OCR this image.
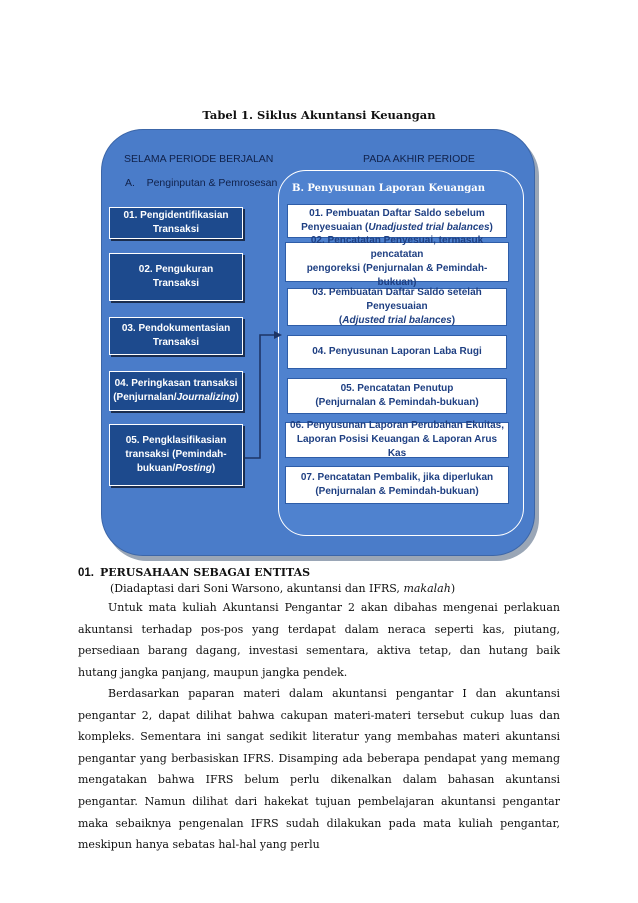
Tabel 1. Siklus Akuntansi Keuangan
SELAMA PERIODE BERJALAN	PADA AKHIR PERIODE
A.    Penginputan & Pemrosesan B. Penyusunan Laporan Keuangan
01. Pengidentifikasian
Transaksi
02. Pengukuran
Transaksi
03. Pendokumentasian
Transaksi
04. Peringkasan transaksi
(Penjurnalan/Journalizing)
05. Pengklasifikasian
transaksi (Pemindah-
bukuan/Posting)
01. Pembuatan Daftar Saldo sebelum
Penyesuaian (Unadjusted trial balances)
02. Pencatatan Penyesuai, termasuk pencatatan
pengoreksi (Penjurnalan & Pemindah-bukuan)
03. Pembuatan Daftar Saldo setelah Penyesuaian
(Adjusted trial balances)
04. Penyusunan Laporan Laba Rugi
05. Pencatatan Penutup
(Penjurnalan & Pemindah-bukuan)
06. Penyusunan Laporan Perubahan Ekuitas,
Laporan Posisi Keuangan & Laporan Arus Kas
07. Pencatatan Pembalik, jika diperlukan
(Penjurnalan & Pemindah-bukuan)
01. PERUSAHAAN SEBAGAI ENTITAS
(Diadaptasi dari Soni Warsono, akuntansi dan IFRS, makalah)

Untuk mata kuliah Akuntansi Pengantar 2 akan dibahas mengenai perlakuan akuntansi terhadap pos-pos yang terdapat dalam neraca seperti kas, piutang, persediaan barang dagang, investasi sementara, aktiva tetap, dan hutang baik hutang jangka panjang, maupun jangka pendek.

Berdasarkan paparan materi dalam akuntansi pengantar I dan akuntansi pengantar 2, dapat dilihat bahwa cakupan materi-materi tersebut cukup luas dan kompleks. Sementara ini sangat sedikit literatur yang membahas materi akuntansi pengantar yang berbasiskan IFRS. Disamping ada beberapa pendapat yang memang mengatakan bahwa IFRS belum perlu dikenalkan dalam bahasan akuntansi pengantar. Namun dilihat dari hakekat tujuan pembelajaran akuntansi pengantar maka sebaiknya pengenalan IFRS sudah dilakukan pada mata kuliah pengantar, meskipun hanya sebatas hal-hal yang perlu
